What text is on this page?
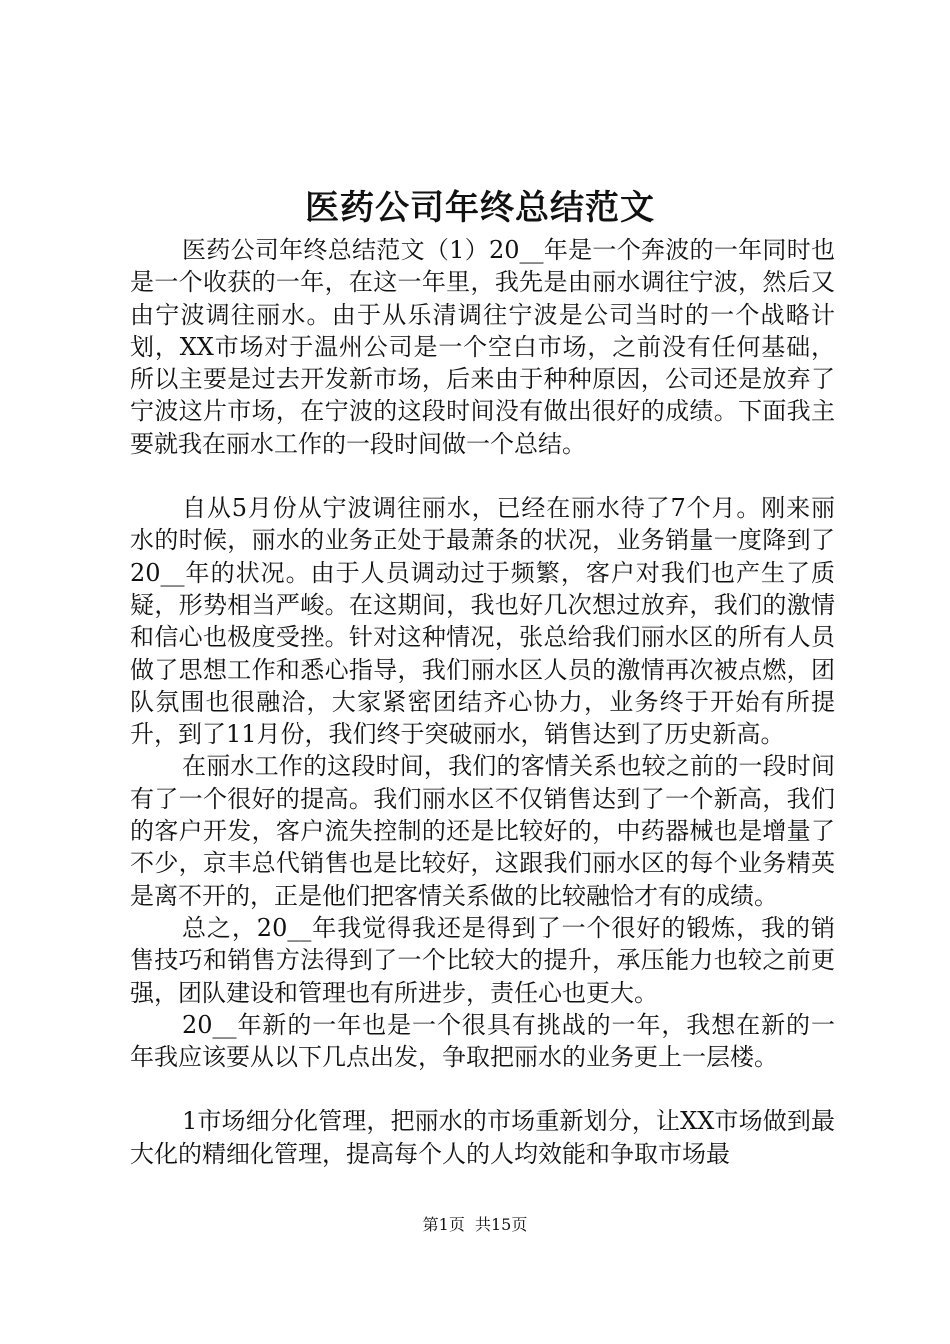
医药公司年终总结范文

医药公司年终总结范文（1）20__年是一个奔波的一年同时也是一个收获的一年，在这一年里，我先是由丽水调往宁波，然后又由宁波调往丽水。由于从乐清调往宁波是公司当时的一个战略计划，XX市场对于温州公司是一个空白市场，之前没有任何基础，所以主要是过去开发新市场，后来由于种种原因，公司还是放弃了宁波这片市场，在宁波的这段时间没有做出很好的成绩。下面我主要就我在丽水工作的一段时间做一个总结。

自从5月份从宁波调往丽水，已经在丽水待了7个月。刚来丽水的时候，丽水的业务正处于最萧条的状况，业务销量一度降到了20__年的状况。由于人员调动过于频繁，客户对我们也产生了质疑，形势相当严峻。在这期间，我也好几次想过放弃，我们的激情和信心也极度受挫。针对这种情况，张总给我们丽水区的所有人员做了思想工作和悉心指导，我们丽水区人员的激情再次被点燃，团队氛围也很融洽，大家紧密团结齐心协力，业务终于开始有所提升，到了11月份，我们终于突破丽水，销售达到了历史新高。

在丽水工作的这段时间，我们的客情关系也较之前的一段时间有了一个很好的提高。我们丽水区不仅销售达到了一个新高，我们的客户开发，客户流失控制的还是比较好的，中药器械也是增量了不少，京丰总代销售也是比较好，这跟我们丽水区的每个业务精英是离不开的，正是他们把客情关系做的比较融恰才有的成绩。

总之，20__年我觉得我还是得到了一个很好的锻炼，我的销售技巧和销售方法得到了一个比较大的提升，承压能力也较之前更强，团队建设和管理也有所进步，责任心也更大。

20__年新的一年也是一个很具有挑战的一年，我想在新的一年我应该要从以下几点出发，争取把丽水的业务更上一层楼。

1市场细分化管理，把丽水的市场重新划分，让XX市场做到最大化的精细化管理，提高每个人的人均效能和争取市场最

第1页  共15页
